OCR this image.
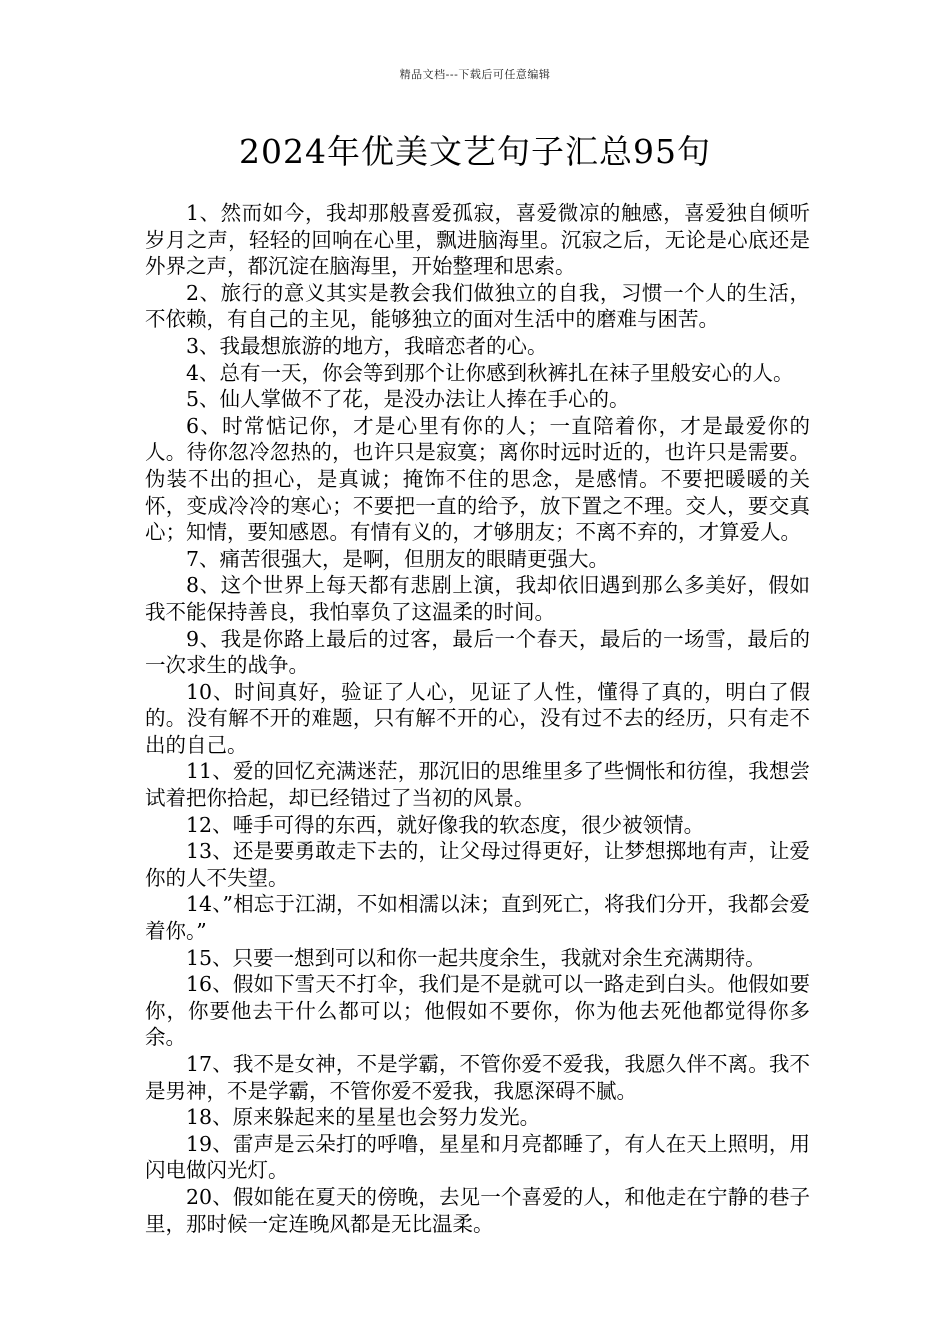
精品文档---下载后可任意编辑
2024年优美文艺句子汇总95句

1、然而如今，我却那般喜爱孤寂，喜爱微凉的触感，喜爱独自倾听岁月之声，轻轻的回响在心里，飘进脑海里。沉寂之后，无论是心底还是外界之声，都沉淀在脑海里，开始整理和思索。

2、旅行的意义其实是教会我们做独立的自我，习惯一个人的生活，不依赖，有自己的主见，能够独立的面对生活中的磨难与困苦。

3、我最想旅游的地方，我暗恋者的心。

4、总有一天，你会等到那个让你感到秋裤扎在袜子里般安心的人。

5、仙人掌做不了花，是没办法让人捧在手心的。

6、时常惦记你，才是心里有你的人；一直陪着你，才是最爱你的人。待你忽冷忽热的，也许只是寂寞；离你时远时近的，也许只是需要。伪装不出的担心，是真诚；掩饰不住的思念，是感情。不要把暖暖的关怀，变成冷冷的寒心；不要把一直的给予，放下置之不理。交人，要交真心；知情，要知感恩。有情有义的，才够朋友；不离不弃的，才算爱人。

7、痛苦很强大，是啊，但朋友的眼睛更强大。

8、这个世界上每天都有悲剧上演，我却依旧遇到那么多美好，假如我不能保持善良，我怕辜负了这温柔的时间。

9、我是你路上最后的过客，最后一个春天，最后的一场雪，最后的一次求生的战争。

10、时间真好，验证了人心，见证了人性，懂得了真的，明白了假的。没有解不开的难题，只有解不开的心，没有过不去的经历，只有走不出的自己。

11、爱的回忆充满迷茫，那沉旧的思维里多了些惆怅和彷徨，我想尝试着把你拾起，却已经错过了当初的风景。

12、唾手可得的东西，就好像我的软态度，很少被领情。

13、还是要勇敢走下去的，让父母过得更好，让梦想掷地有声，让爱你的人不失望。

14、”相忘于江湖，不如相濡以沫；直到死亡，将我们分开，我都会爱着你。”

15、只要一想到可以和你一起共度余生，我就对余生充满期待。

16、假如下雪天不打伞，我们是不是就可以一路走到白头。他假如要你，你要他去干什么都可以；他假如不要你，你为他去死他都觉得你多余。

17、我不是女神，不是学霸，不管你爱不爱我，我愿久伴不离。我不是男神，不是学霸，不管你爱不爱我，我愿深碍不腻。

18、原来躲起来的星星也会努力发光。

19、雷声是云朵打的呼噜，星星和月亮都睡了，有人在天上照明，用闪电做闪光灯。

20、假如能在夏天的傍晚，去见一个喜爱的人，和他走在宁静的巷子里，那时候一定连晚风都是无比温柔。
